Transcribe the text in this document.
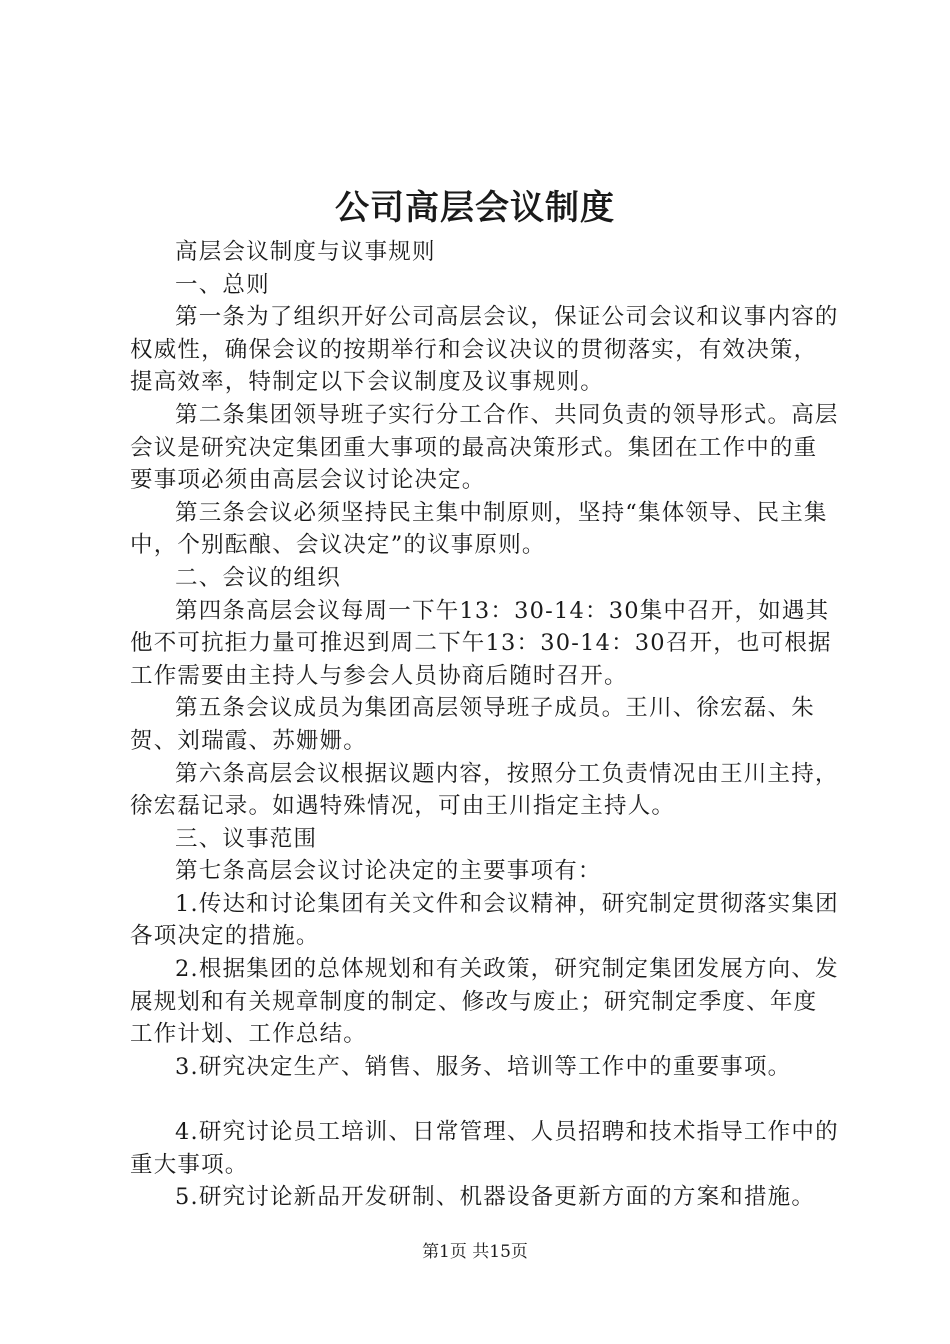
公司高层会议制度

高层会议制度与议事规则

一、总则

第一条为了组织开好公司高层会议，保证公司会议和议事内容的权威性，确保会议的按期举行和会议决议的贯彻落实，有效决策，提高效率，特制定以下会议制度及议事规则。

第二条集团领导班子实行分工合作、共同负责的领导形式。高层会议是研究决定集团重大事项的最高决策形式。集团在工作中的重要事项必须由高层会议讨论决定。

第三条会议必须坚持民主集中制原则，坚持“集体领导、民主集中，个别酝酿、会议决定”的议事原则。

二、会议的组织

第四条高层会议每周一下午13：30-14：30集中召开，如遇其他不可抗拒力量可推迟到周二下午13：30-14：30召开，也可根据工作需要由主持人与参会人员协商后随时召开。

第五条会议成员为集团高层领导班子成员。王川、徐宏磊、朱贺、刘瑞霞、苏姗姗。

第六条高层会议根据议题内容，按照分工负责情况由王川主持，徐宏磊记录。如遇特殊情况，可由王川指定主持人。

三、议事范围

第七条高层会议讨论决定的主要事项有：

1.传达和讨论集团有关文件和会议精神，研究制定贯彻落实集团各项决定的措施。

2.根据集团的总体规划和有关政策，研究制定集团发展方向、发展规划和有关规章制度的制定、修改与废止；研究制定季度、年度工作计划、工作总结。

3.研究决定生产、销售、服务、培训等工作中的重要事项。

4.研究讨论员工培训、日常管理、人员招聘和技术指导工作中的重大事项。

5.研究讨论新品开发研制、机器设备更新方面的方案和措施。

第1页 共15页
